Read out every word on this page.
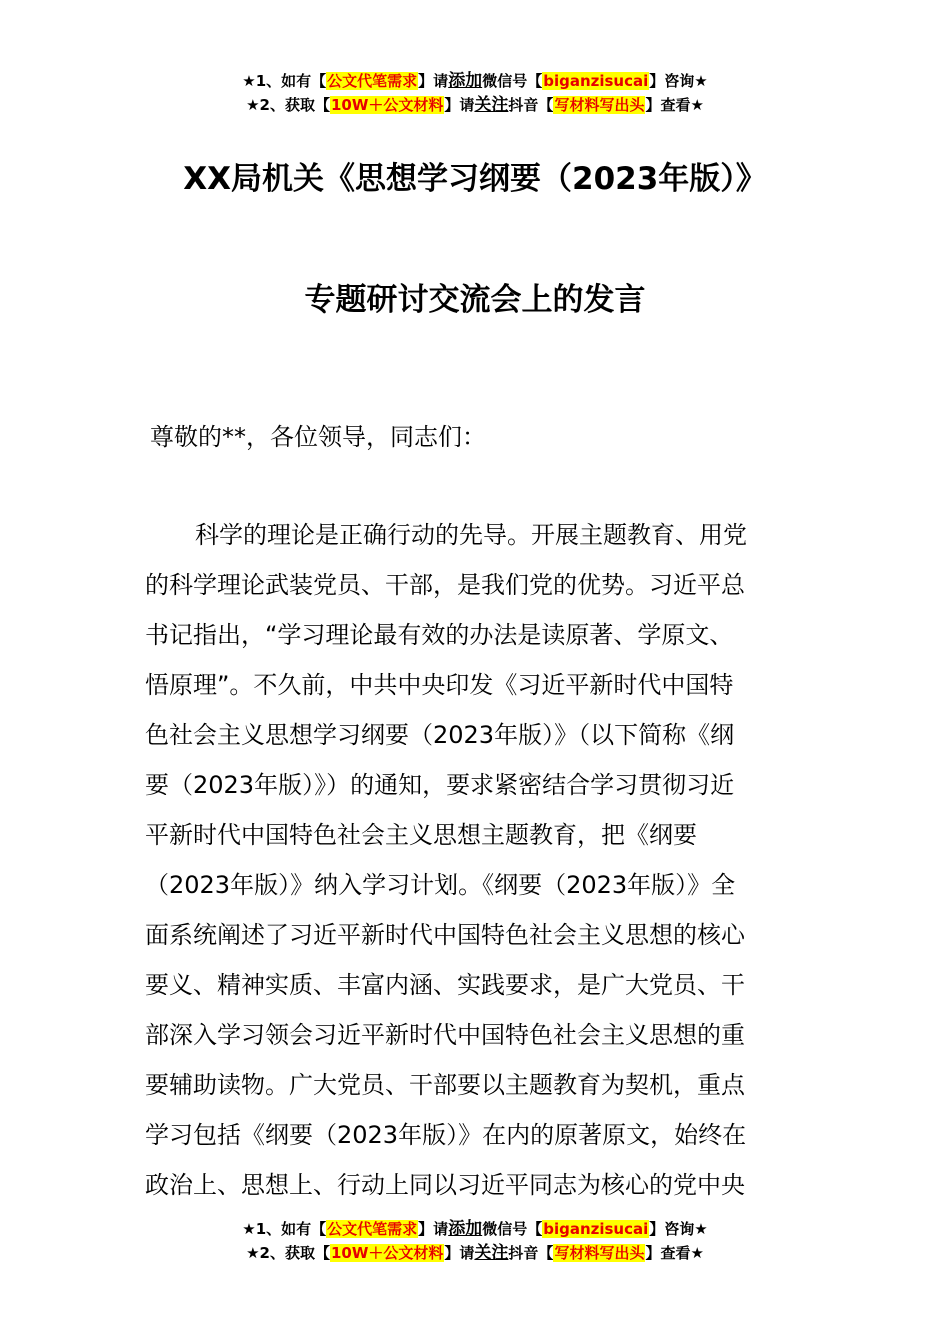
★1、如有【公文代笔需求】请添加微信号【biganzisucai】咨询★
★2、获取【10W＋公文材料】请关注抖音【写材料写出头】查看★
XX局机关《思想学习纲要（2023年版）》
专题研讨交流会上的发言
尊敬的**，各位领导，同志们：
科学的理论是正确行动的先导。开展主题教育、用党
的科学理论武装党员、干部，是我们党的优势。习近平总
书记指出，“学习理论最有效的办法是读原著、学原文、
悟原理”。不久前，中共中央印发《习近平新时代中国特
色社会主义思想学习纲要（2023年版）》（以下简称《纲
要（2023年版）》）的通知，要求紧密结合学习贯彻习近
平新时代中国特色社会主义思想主题教育，把《纲要
（2023年版）》纳入学习计划。《纲要（2023年版）》全
面系统阐述了习近平新时代中国特色社会主义思想的核心
要义、精神实质、丰富内涵、实践要求，是广大党员、干
部深入学习领会习近平新时代中国特色社会主义思想的重
要辅助读物。广大党员、干部要以主题教育为契机，重点
学习包括《纲要（2023年版）》在内的原著原文，始终在
政治上、思想上、行动上同以习近平同志为核心的党中央
★1、如有【公文代笔需求】请添加微信号【biganzisucai】咨询★
★2、获取【10W＋公文材料】请关注抖音【写材料写出头】查看★
